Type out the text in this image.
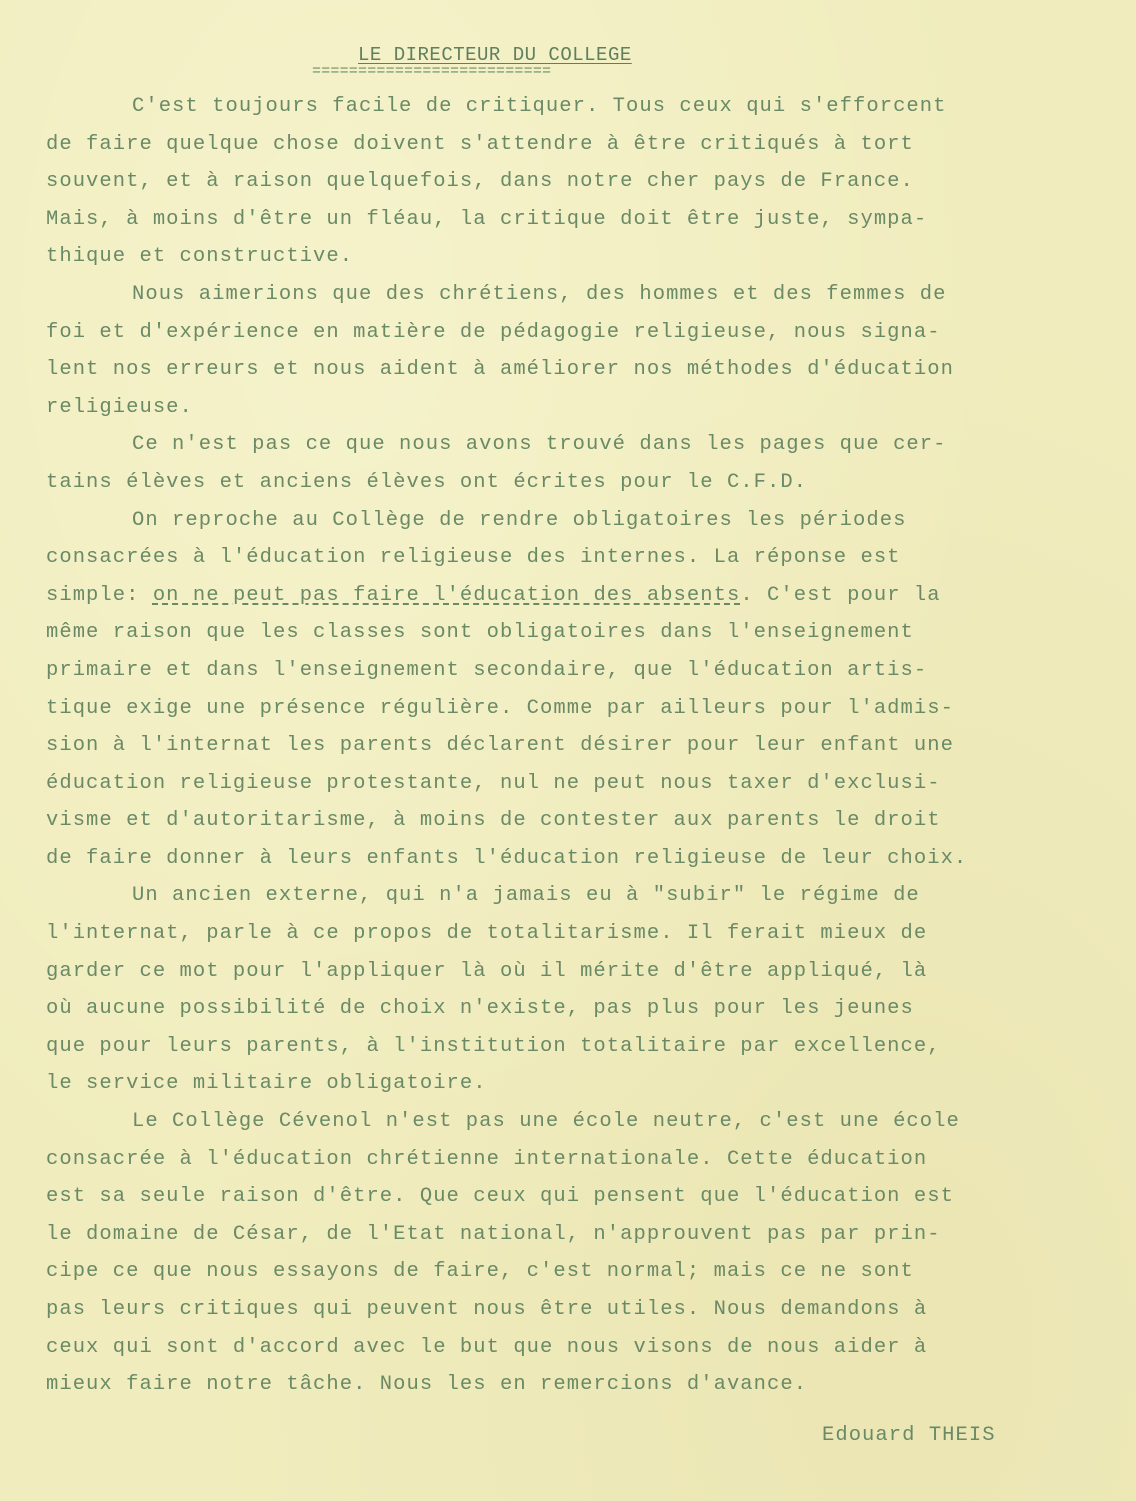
LE DIRECTEUR DU COLLEGE
==========================
C'est toujours facile de critiquer. Tous ceux qui s'efforcent
de faire quelque chose doivent s'attendre à être critiqués à tort
souvent, et à raison quelquefois, dans notre cher pays de France.
Mais, à moins d'être un fléau, la critique doit être juste, sympa-
thique et constructive.
Nous aimerions que des chrétiens, des hommes et des femmes de
foi et d'expérience en matière de pédagogie religieuse, nous signa-
lent nos erreurs et nous aident à améliorer nos méthodes d'éducation
religieuse.
Ce n'est pas ce que nous avons trouvé dans les pages que cer-
tains élèves et anciens élèves ont écrites pour le C.F.D.
On reproche au Collège de rendre obligatoires les périodes
consacrées à l'éducation religieuse des internes. La réponse est
simple: on ne peut pas faire l'éducation des absents. C'est pour la
même raison que les classes sont obligatoires dans l'enseignement
primaire et dans l'enseignement secondaire, que l'éducation artis-
tique exige une présence régulière. Comme par ailleurs pour l'admis-
sion à l'internat les parents déclarent désirer pour leur enfant une
éducation religieuse protestante, nul ne peut nous taxer d'exclusi-
visme et d'autoritarisme, à moins de contester aux parents le droit
de faire donner à leurs enfants l'éducation religieuse de leur choix.
Un ancien externe, qui n'a jamais eu à "subir" le régime de
l'internat, parle à ce propos de totalitarisme. Il ferait mieux de
garder ce mot pour l'appliquer là où il mérite d'être appliqué, là
où aucune possibilité de choix n'existe, pas plus pour les jeunes
que pour leurs parents, à l'institution totalitaire par excellence,
le service militaire obligatoire.
Le Collège Cévenol n'est pas une école neutre, c'est une école
consacrée à l'éducation chrétienne internationale. Cette éducation
est sa seule raison d'être. Que ceux qui pensent que l'éducation est
le domaine de César, de l'Etat national, n'approuvent pas par prin-
cipe ce que nous essayons de faire, c'est normal; mais ce ne sont
pas leurs critiques qui peuvent nous être utiles. Nous demandons à
ceux qui sont d'accord avec le but que nous visons de nous aider à
mieux faire notre tâche. Nous les en remercions d'avance.
Edouard THEIS
